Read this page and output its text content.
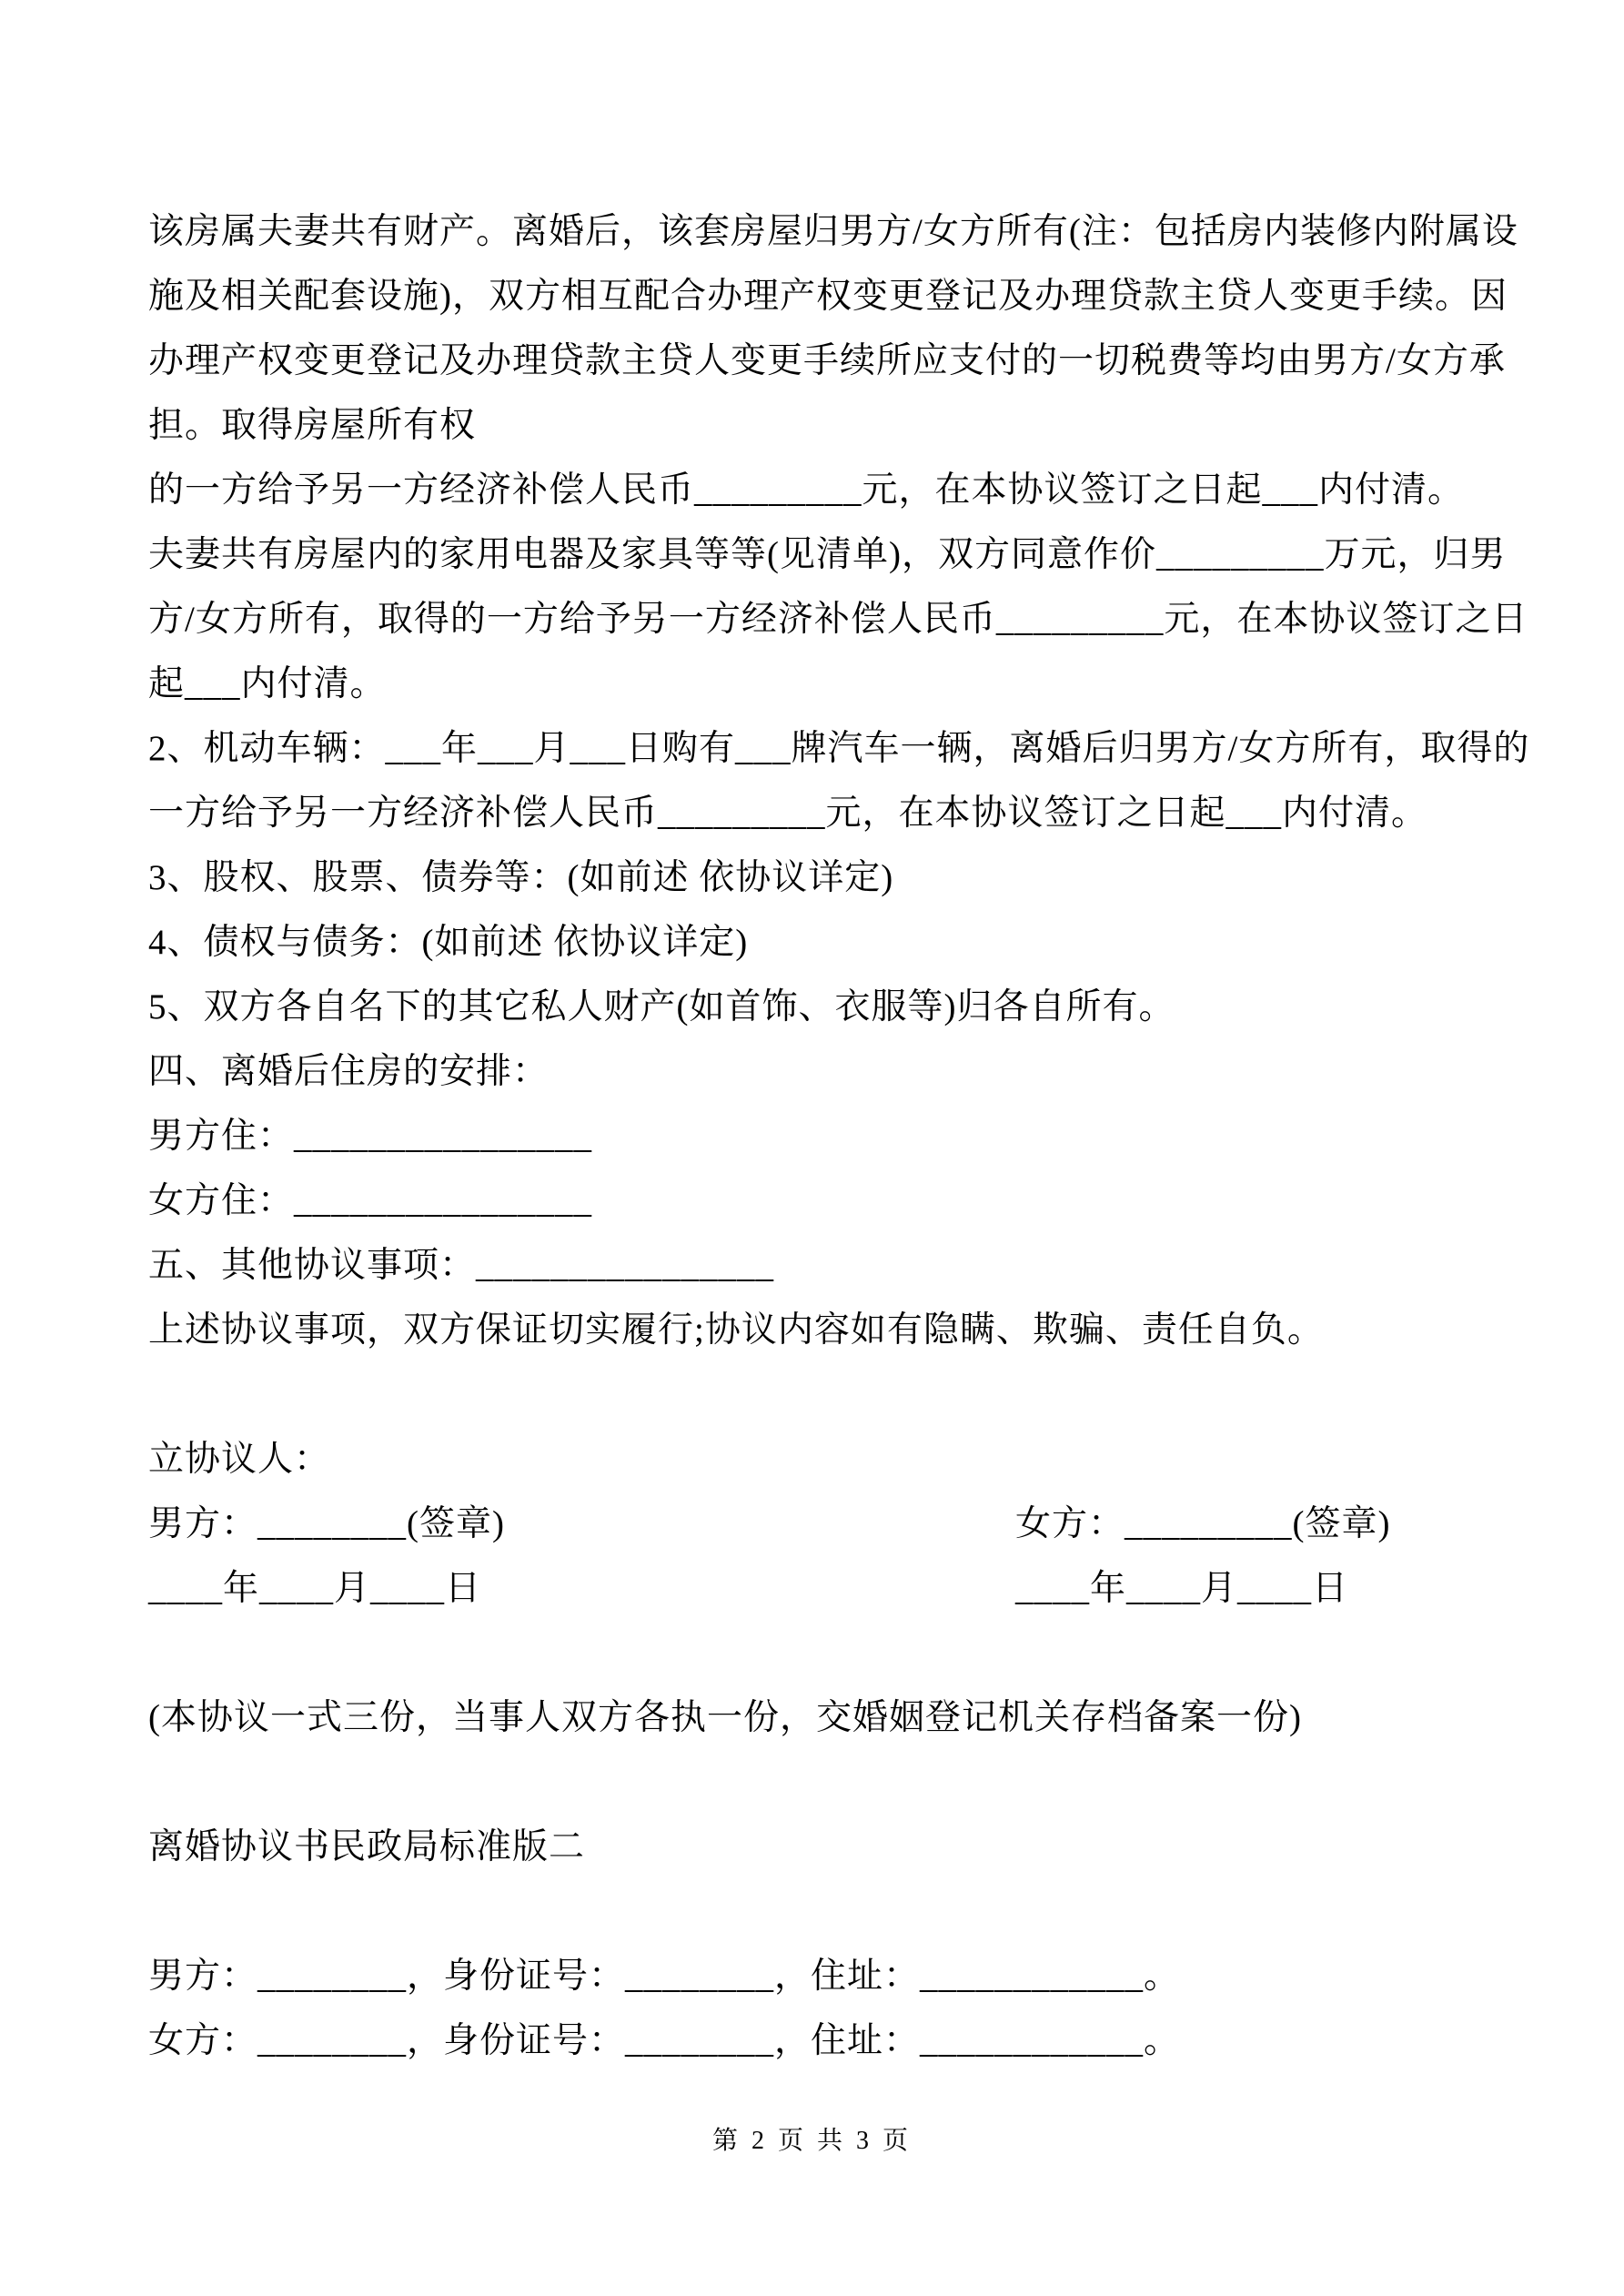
该房属夫妻共有财产。离婚后，该套房屋归男方/女方所有(注：包括房内装修内附属设
施及相关配套设施)，双方相互配合办理产权变更登记及办理贷款主贷人变更手续。因
办理产权变更登记及办理贷款主贷人变更手续所应支付的一切税费等均由男方/女方承
担。取得房屋所有权
的一方给予另一方经济补偿人民币_________元，在本协议签订之日起___内付清。
夫妻共有房屋内的家用电器及家具等等(见清单)，双方同意作价_________万元，归男
方/女方所有，取得的一方给予另一方经济补偿人民币_________元，在本协议签订之日
起___内付清。
2、机动车辆：___年___月___日购有___牌汽车一辆，离婚后归男方/女方所有，取得的
一方给予另一方经济补偿人民币_________元，在本协议签订之日起___内付清。
3、股权、股票、债券等：(如前述 依协议详定)
4、债权与债务：(如前述 依协议详定)
5、双方各自名下的其它私人财产(如首饰、衣服等)归各自所有。
四、离婚后住房的安排：
男方住：________________
女方住：________________
五、其他协议事项：________________
上述协议事项，双方保证切实履行;协议内容如有隐瞒、欺骗、责任自负。
立协议人：
男方：________(签章)	女方：_________(签章)
____年____月____日	____年____月____日
(本协议一式三份，当事人双方各执一份，交婚姻登记机关存档备案一份)
离婚协议书民政局标准版二
男方：________，身份证号：________，住址：____________。
女方：________，身份证号：________，住址：____________。
第 2 页 共 3 页
